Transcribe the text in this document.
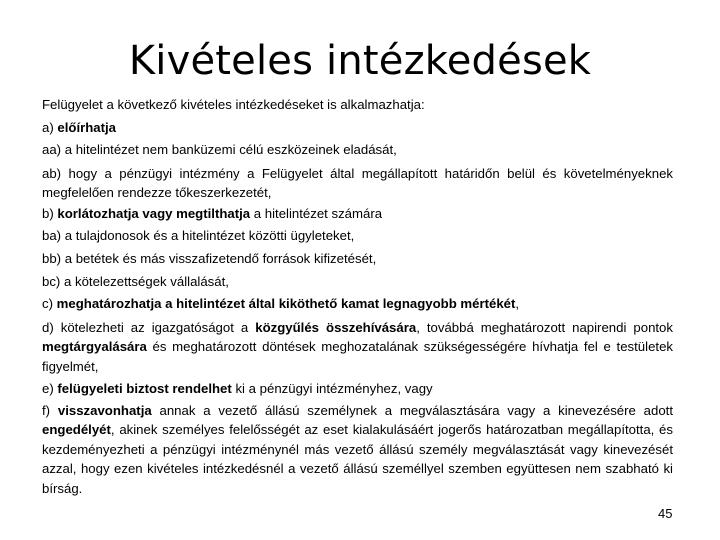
Kivételes intézkedések

Felügyelet a következő kivételes intézkedéseket is alkalmazhatja:

a) előírhatja

aa) a hitelintézet nem banküzemi célú eszközeinek eladását,

ab) hogy a pénzügyi intézmény a Felügyelet által megállapított határidőn belül és követelményeknek megfelelően rendezze tőkeszerkezetét,

b) korlátozhatja vagy megtilthatja a hitelintézet számára

ba) a tulajdonosok és a hitelintézet közötti ügyleteket,

bb) a betétek és más visszafizetendő források kifizetését,

bc) a kötelezettségek vállalását,

c) meghatározhatja a hitelintézet által kiköthető kamat legnagyobb mértékét,

d) kötelezheti az igazgatóságot a közgyűlés összehívására, továbbá meghatározott napirendi pontok megtárgyalására és meghatározott döntések meghozatalának szükségességére hívhatja fel e testületek figyelmét,

e) felügyeleti biztost rendelhet ki a pénzügyi intézményhez, vagy

f) visszavonhatja annak a vezető állású személynek a megválasztására vagy a kinevezésére adott engedélyét, akinek személyes felelősségét az eset kialakulásáért jogerős határozatban megállapította, és kezdeményezheti a pénzügyi intézménynél más vezető állású személy megválasztását vagy kinevezését azzal, hogy ezen kivételes intézkedésnél a vezető állású személlyel szemben együttesen nem szabható ki bírság.

45
